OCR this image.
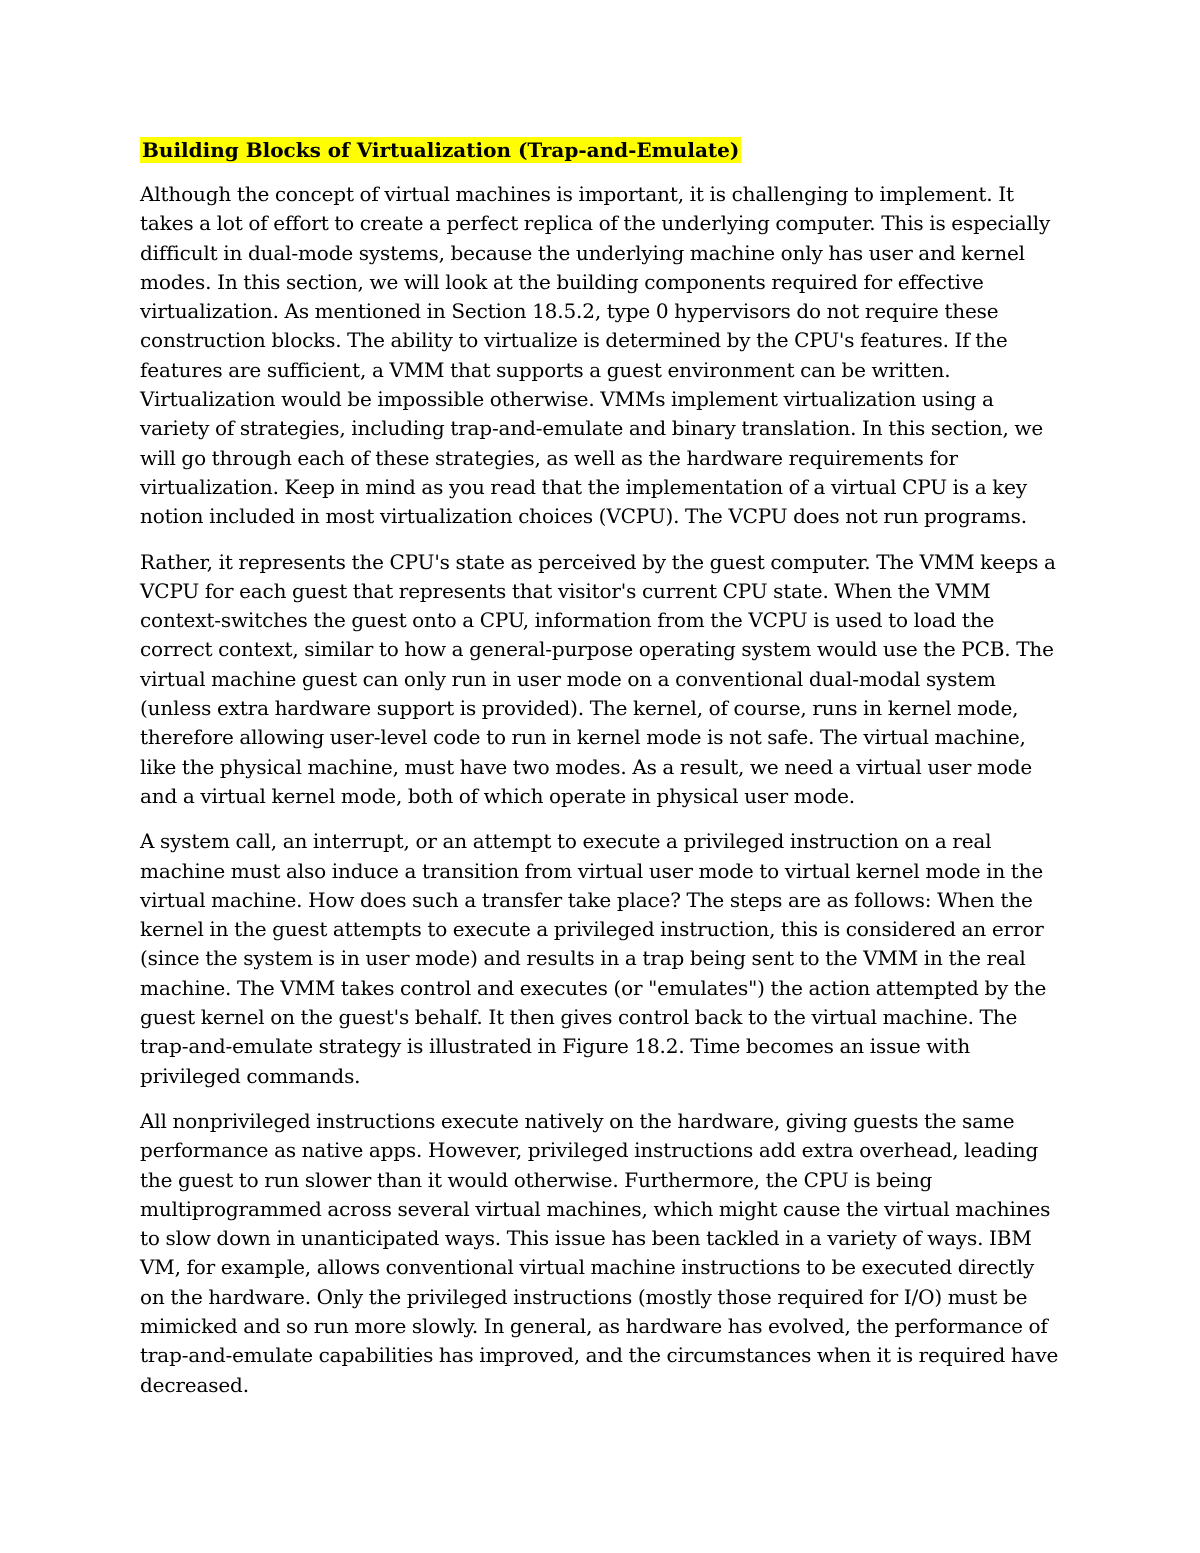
Building Blocks of Virtualization (Trap-and-Emulate)

Although the concept of virtual machines is important, it is challenging to implement. It takes a lot of effort to create a perfect replica of the underlying computer. This is especially difficult in dual-mode systems, because the underlying machine only has user and kernel modes. In this section, we will look at the building components required for effective virtualization. As mentioned in Section 18.5.2, type 0 hypervisors do not require these construction blocks. The ability to virtualize is determined by the CPU's features. If the features are sufficient, a VMM that supports a guest environment can be written. Virtualization would be impossible otherwise. VMMs implement virtualization using a variety of strategies, including trap-and-emulate and binary translation. In this section, we will go through each of these strategies, as well as the hardware requirements for virtualization. Keep in mind as you read that the implementation of a virtual CPU is a key notion included in most virtualization choices (VCPU). The VCPU does not run programs.

Rather, it represents the CPU's state as perceived by the guest computer. The VMM keeps a VCPU for each guest that represents that visitor's current CPU state. When the VMM context-switches the guest onto a CPU, information from the VCPU is used to load the correct context, similar to how a general-purpose operating system would use the PCB. The virtual machine guest can only run in user mode on a conventional dual-modal system (unless extra hardware support is provided). The kernel, of course, runs in kernel mode, therefore allowing user-level code to run in kernel mode is not safe. The virtual machine, like the physical machine, must have two modes. As a result, we need a virtual user mode and a virtual kernel mode, both of which operate in physical user mode.

A system call, an interrupt, or an attempt to execute a privileged instruction on a real machine must also induce a transition from virtual user mode to virtual kernel mode in the virtual machine. How does such a transfer take place? The steps are as follows: When the kernel in the guest attempts to execute a privileged instruction, this is considered an error (since the system is in user mode) and results in a trap being sent to the VMM in the real machine. The VMM takes control and executes (or "emulates") the action attempted by the guest kernel on the guest's behalf. It then gives control back to the virtual machine. The trap-and-emulate strategy is illustrated in Figure 18.2. Time becomes an issue with privileged commands.

All nonprivileged instructions execute natively on the hardware, giving guests the same performance as native apps. However, privileged instructions add extra overhead, leading the guest to run slower than it would otherwise. Furthermore, the CPU is being multiprogrammed across several virtual machines, which might cause the virtual machines to slow down in unanticipated ways. This issue has been tackled in a variety of ways. IBM VM, for example, allows conventional virtual machine instructions to be executed directly on the hardware. Only the privileged instructions (mostly those required for I/O) must be mimicked and so run more slowly. In general, as hardware has evolved, the performance of trap-and-emulate capabilities has improved, and the circumstances when it is required have decreased.
